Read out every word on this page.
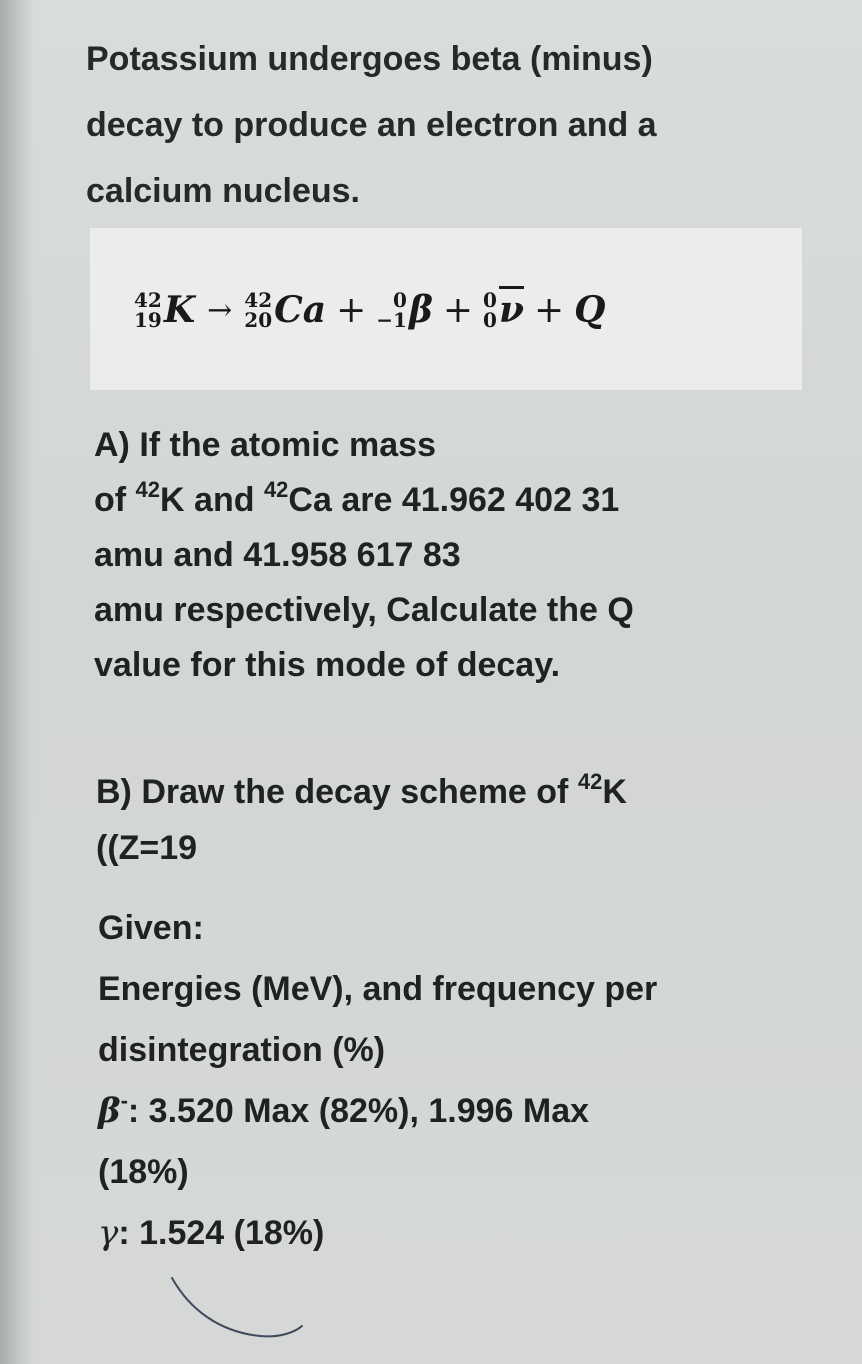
Potassium undergoes beta (minus)
decay to produce an electron and a
calcium nucleus.
42
19 K → 42
20 Ca + 0
−1 β + 0
0 $\overline{\nu} + Q$
A) If the atomic mass
of $^{42}$K and $^{42}$Ca are 41.962 402 31
amu and 41.958 617 83
amu respectively, Calculate the Q
value for this mode of decay.
B) Draw the decay scheme of $^{42}$K
((Z=19
Given:
Energies (MeV), and frequency per
disintegration (%)
β-: 3.520 Max (82%), 1.996 Max
(18%)
γ: 1.524 (18%)
